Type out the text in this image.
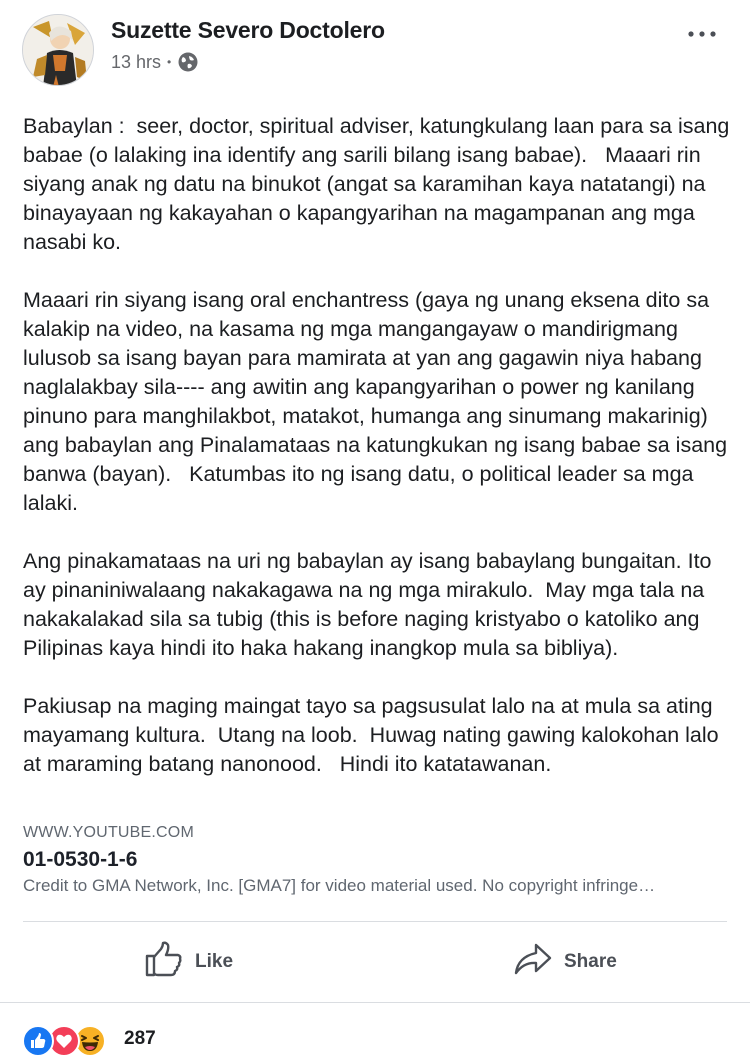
Suzette Severo Doctolero
13 hrs •

Babaylan :  seer, doctor, spiritual adviser, katungkulang laan para sa isang babae (o lalaking ina identify ang sarili bilang isang babae).   Maaari rin siyang anak ng datu na binukot (angat sa karamihan kaya natatangi) na binayayaan ng kakayahan o kapangyarihan na magampanan ang mga nasabi ko.

Maaari rin siyang isang oral enchantress (gaya ng unang eksena dito sa kalakip na video, na kasama ng mga mangangayaw o mandirigmang lulusob sa isang bayan para mamirata at yan ang gagawin niya habang naglalakbay sila---- ang awitin ang kapangyarihan o power ng kanilang pinuno para manghilakbot, matakot, humanga ang sinumang makarinig)  ang babaylan ang Pinalamataas na katungkukan ng isang babae sa isang banwa (bayan).   Katumbas ito ng isang datu, o political leader sa mga lalaki.

Ang pinakamataas na uri ng babaylan ay isang babaylang bungaitan. Ito ay pinaniniwalaang nakakagawa na ng mga mirakulo.  May mga tala na nakakalakad sila sa tubig (this is before naging kristyabo o katoliko ang Pilipinas kaya hindi ito haka hakang inangkop mula sa bibliya).

Pakiusap na maging maingat tayo sa pagsusulat lalo na at mula sa ating mayamang kultura.  Utang na loob.  Huwag nating gawing kalokohan lalo at maraming batang nanonood.   Hindi ito katatawanan.

WWW.YOUTUBE.COM
01-0530-1-6
Credit to GMA Network, Inc. [GMA7] for video material used. No copyright infringe…
Like	Share
287
